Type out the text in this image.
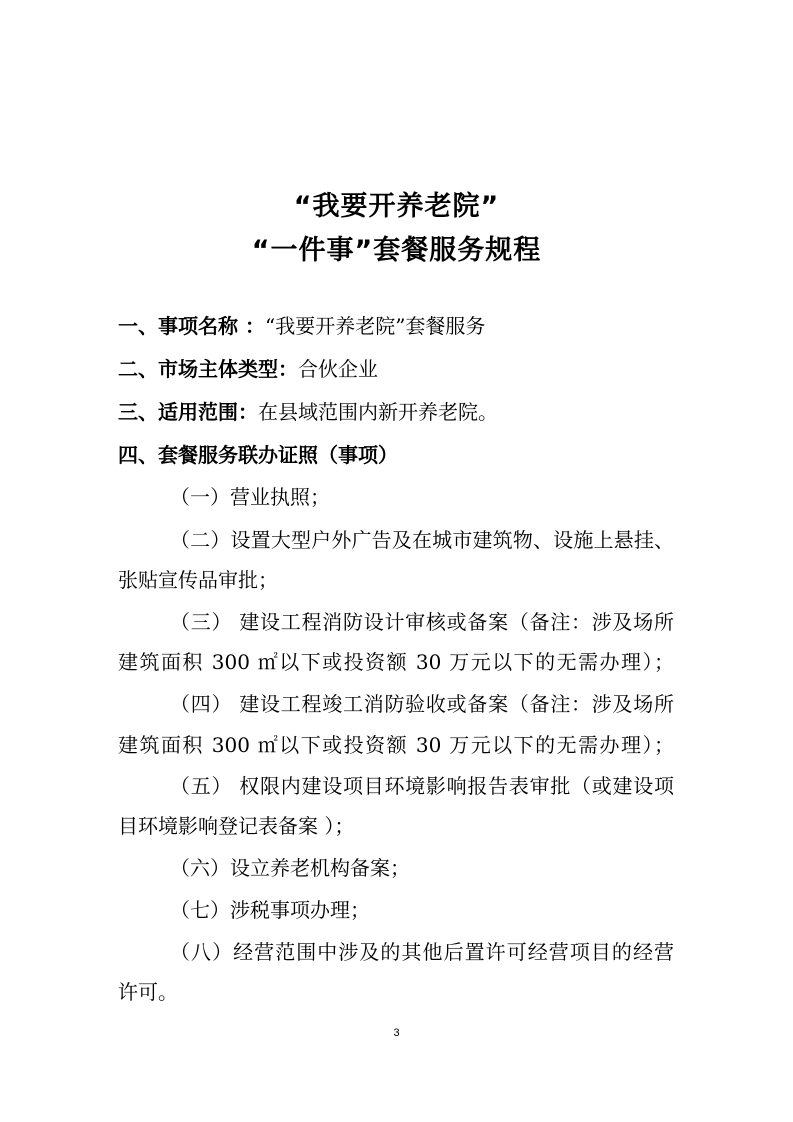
“我要开养老院”
“一件事”套餐服务规程
一、事项名称 ：“我要开养老院”套餐服务
二、市场主体类型：合伙企业
三、适用范围：在县域范围内新开养老院。
四、套餐服务联办证照（事项）
（一）营业执照；
（二）设置大型户外广告及在城市建筑物、设施上悬挂、
张贴宣传品审批；
（三） 建设工程消防设计审核或备案（备注：涉及场所
建筑面积 300 ㎡以下或投资额 30 万元以下的无需办理）；
（四） 建设工程竣工消防验收或备案（备注：涉及场所
建筑面积 300 ㎡以下或投资额 30 万元以下的无需办理）；
（五） 权限内建设项目环境影响报告表审批（或建设项
目环境影响登记表备案 ）；
（六）设立养老机构备案；
（七）涉税事项办理；
（八）经营范围中涉及的其他后置许可经营项目的经营
许可。
3
